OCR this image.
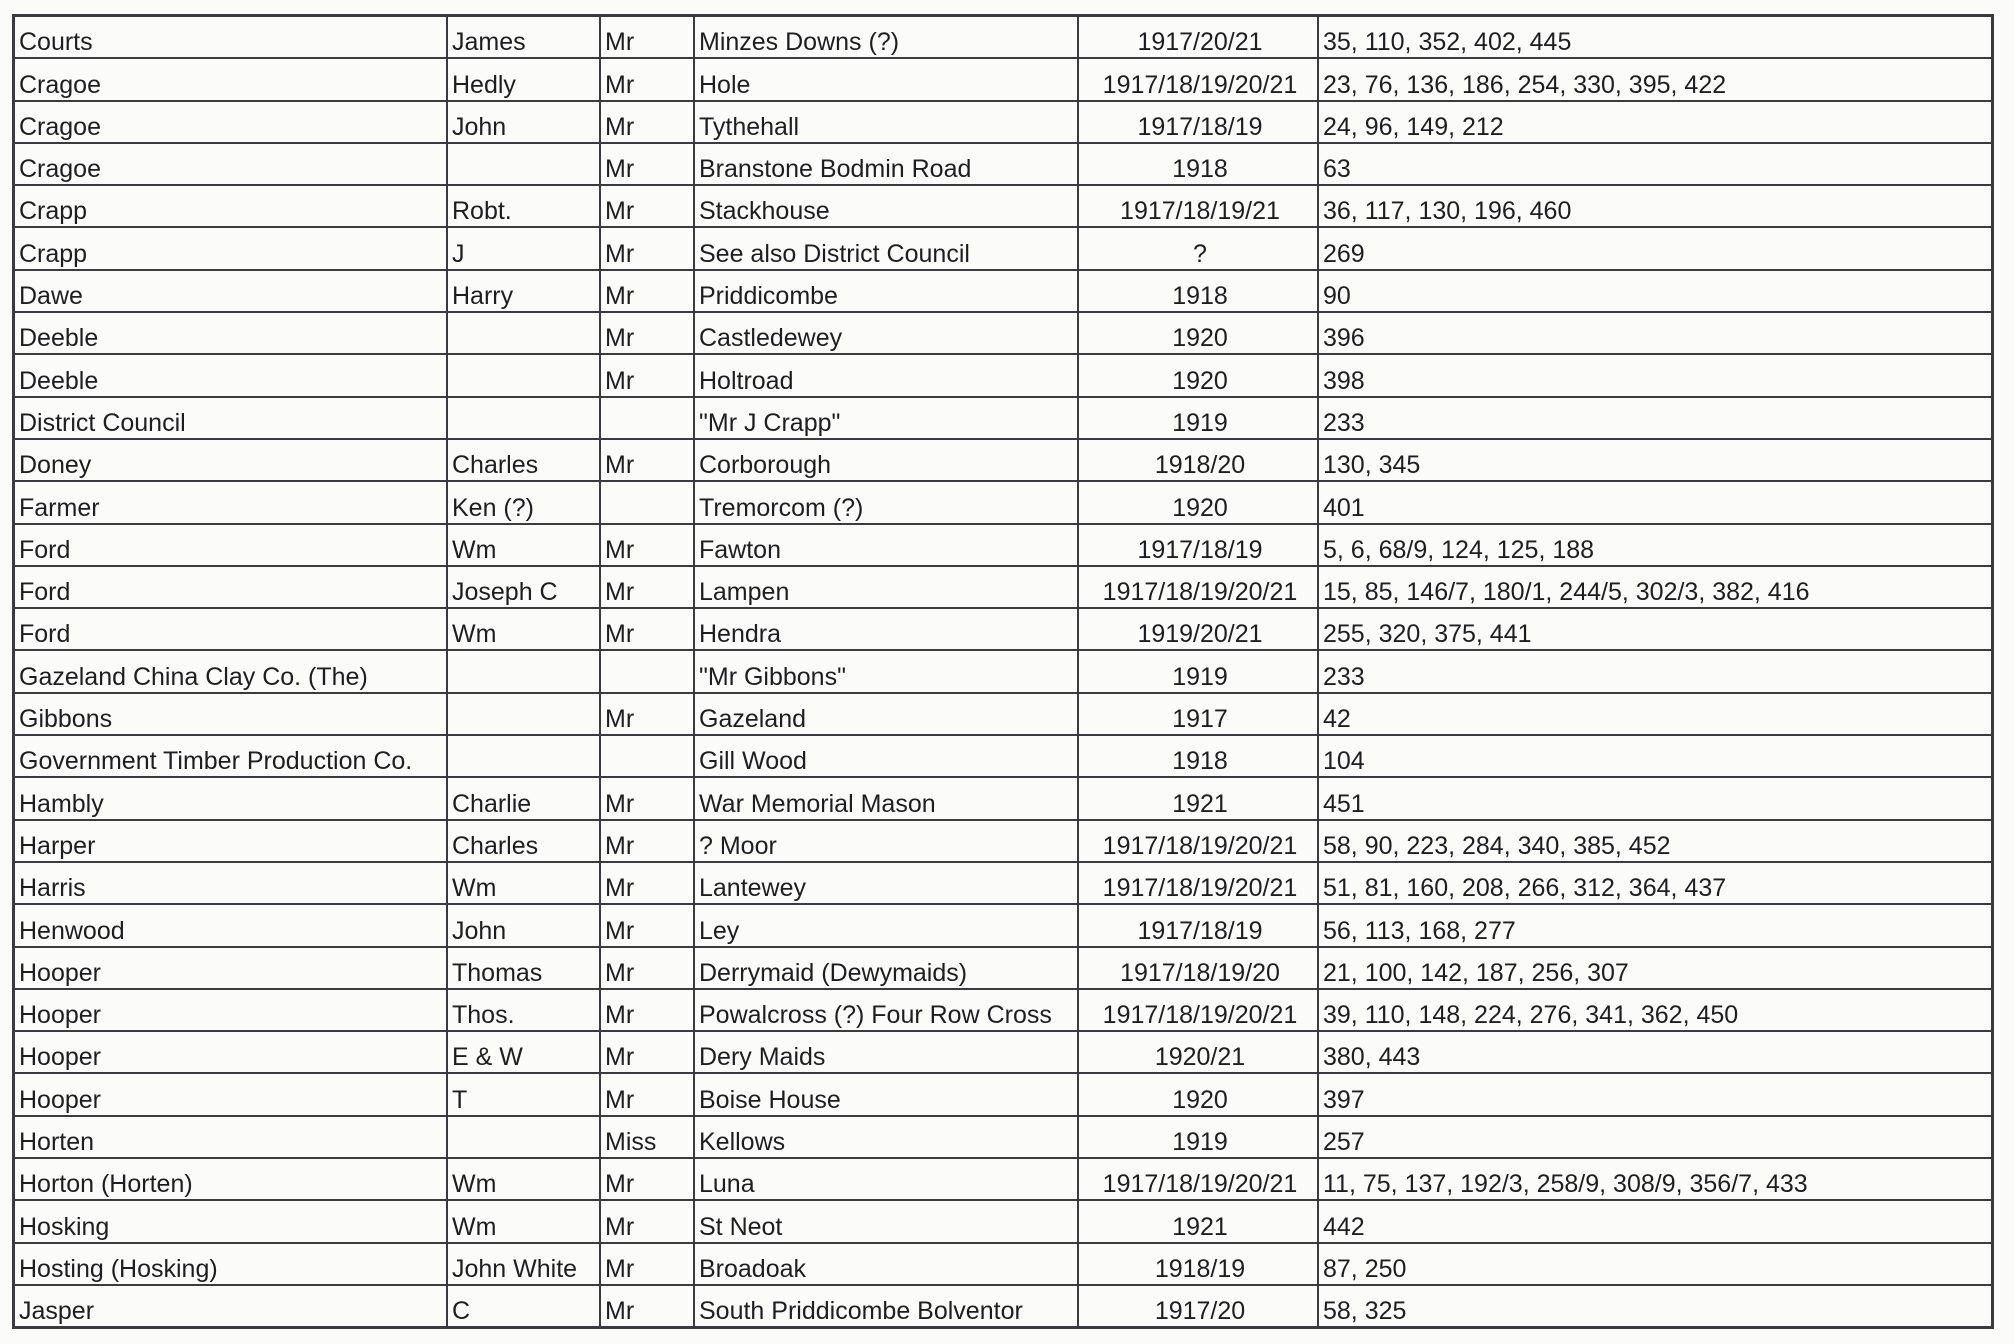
Courts	James	Mr	Minzes Downs (?)	1917/20/21	35, 110, 352, 402, 445
Cragoe	Hedly	Mr	Hole	1917/18/19/20/21	23, 76, 136, 186, 254, 330, 395, 422
Cragoe	John	Mr	Tythehall	1917/18/19	24, 96, 149, 212
Cragoe		Mr	Branstone Bodmin Road	1918	63
Crapp	Robt.	Mr	Stackhouse	1917/18/19/21	36, 117, 130, 196, 460
Crapp	J	Mr	See also District Council	?	269
Dawe	Harry	Mr	Priddicombe	1918	90
Deeble		Mr	Castledewey	1920	396
Deeble		Mr	Holtroad	1920	398
District Council			"Mr J Crapp"	1919	233
Doney	Charles	Mr	Corborough	1918/20	130, 345
Farmer	Ken (?)		Tremorcom (?)	1920	401
Ford	Wm	Mr	Fawton	1917/18/19	5, 6, 68/9, 124, 125, 188
Ford	Joseph C	Mr	Lampen	1917/18/19/20/21	15, 85, 146/7, 180/1, 244/5, 302/3, 382, 416
Ford	Wm	Mr	Hendra	1919/20/21	255, 320, 375, 441
Gazeland China Clay Co. (The)			"Mr Gibbons"	1919	233
Gibbons		Mr	Gazeland	1917	42
Government Timber Production Co.			Gill Wood	1918	104
Hambly	Charlie	Mr	War Memorial Mason	1921	451
Harper	Charles	Mr	? Moor	1917/18/19/20/21	58, 90, 223, 284, 340, 385, 452
Harris	Wm	Mr	Lantewey	1917/18/19/20/21	51, 81, 160, 208, 266, 312, 364, 437
Henwood	John	Mr	Ley	1917/18/19	56, 113, 168, 277
Hooper	Thomas	Mr	Derrymaid (Dewymaids)	1917/18/19/20	21, 100, 142, 187, 256, 307
Hooper	Thos.	Mr	Powalcross (?) Four Row Cross	1917/18/19/20/21	39, 110, 148, 224, 276, 341, 362, 450
Hooper	E & W	Mr	Dery Maids	1920/21	380, 443
Hooper	T	Mr	Boise House	1920	397
Horten		Miss	Kellows	1919	257
Horton (Horten)	Wm	Mr	Luna	1917/18/19/20/21	11, 75, 137, 192/3, 258/9, 308/9, 356/7, 433
Hosking	Wm	Mr	St Neot	1921	442
Hosting (Hosking)	John White	Mr	Broadoak	1918/19	87, 250
Jasper	C	Mr	South Priddicombe Bolventor	1917/20	58, 325
